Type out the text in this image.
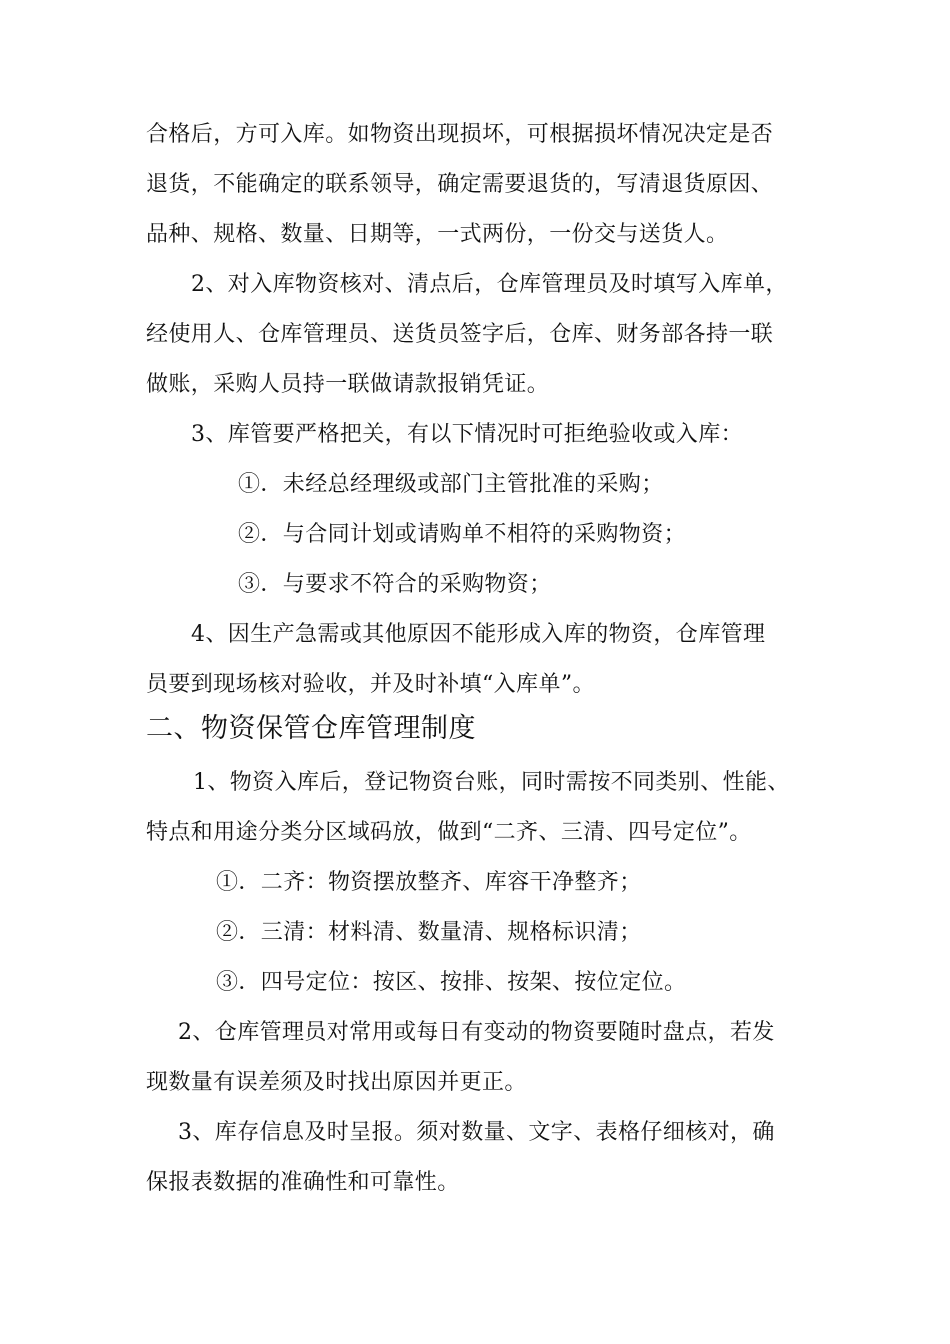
合格后，方可入库。如物资出现损坏，可根据损坏情况决定是否
退货，不能确定的联系领导，确定需要退货的，写清退货原因、
品种、规格、数量、日期等，一式两份，一份交与送货人。
2、对入库物资核对、清点后，仓库管理员及时填写入库单，
经使用人、仓库管理员、送货员签字后，仓库、财务部各持一联
做账，采购人员持一联做请款报销凭证。
3、库管要严格把关，有以下情况时可拒绝验收或入库：
①．未经总经理级或部门主管批准的采购；
②．与合同计划或请购单不相符的采购物资；
③．与要求不符合的采购物资；
4、因生产急需或其他原因不能形成入库的物资，仓库管理
员要到现场核对验收，并及时补填“入库单”。
二、物资保管仓库管理制度
1、物资入库后，登记物资台账，同时需按不同类别、性能、
特点和用途分类分区域码放，做到“二齐、三清、四号定位”。
①．二齐：物资摆放整齐、库容干净整齐；
②．三清：材料清、数量清、规格标识清；
③．四号定位：按区、按排、按架、按位定位。
2、仓库管理员对常用或每日有变动的物资要随时盘点，若发
现数量有误差须及时找出原因并更正。
3、库存信息及时呈报。须对数量、文字、表格仔细核对，确
保报表数据的准确性和可靠性。
